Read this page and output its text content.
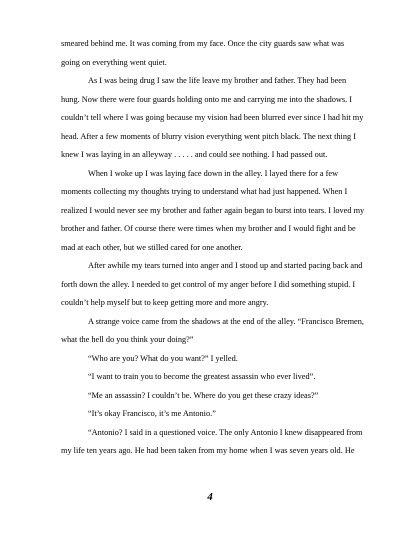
smeared behind me. It was coming from my face. Once the city guards saw what was

going on everything went quiet.

As I was being drug I saw the life leave my brother and father. They had been

hung. Now there were four guards holding onto me and carrying me into the shadows. I

couldn’t tell where I was going because my vision had been blurred ever since I had hit my

head. After a few moments of blurry vision everything went pitch black. The next thing I

knew I was laying in an alleyway . . . . . and could see nothing. I had passed out.

When I woke up I was laying face down in the alley. I layed there for a few

moments collecting my thoughts trying to understand what had just happened. When I

realized I would never see my brother and father again began to burst into tears. I loved my

brother and father. Of course there were times when my brother and I would fight and be

mad at each other, but we stilled cared for one another.

After awhile my tears turned into anger and I stood up and started pacing back and

forth down the alley. I needed to get control of my anger before I did something stupid. I

couldn’t help myself but to keep getting more and more angry.

A strange voice came from the shadows at the end of the alley. “Francisco Bremen,

what the hell do you think your doing?”

“Who are you? What do you want?” I yelled.

“I want to train you to become the greatest assassin who ever lived”.

“Me an assassin? I couldn’t be. Where do you get these crazy ideas?”

“It’s okay Francisco, it’s me Antonio.”

“Antonio? I said in a questioned voice. The only Antonio I knew disappeared from

my life ten years ago. He had been taken from my home when I was seven years old. He

4
